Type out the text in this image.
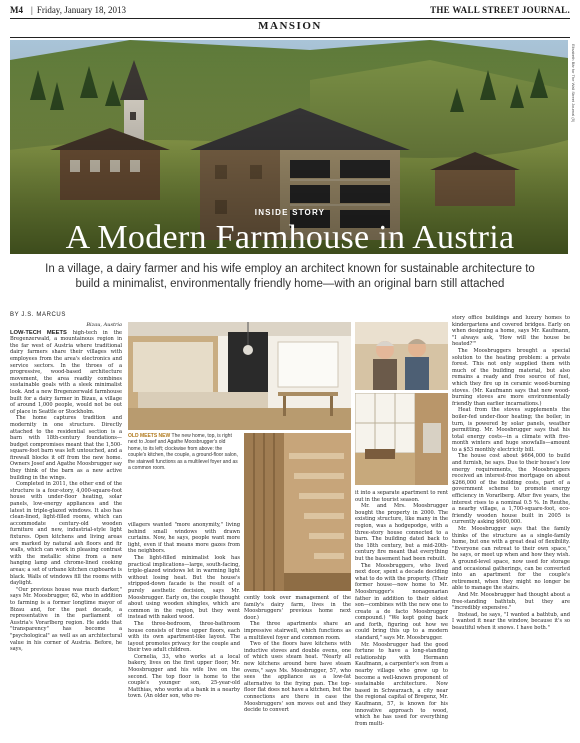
M4 | Friday, January 18, 2013	THE WALL STREET JOURNAL.
MANSION
Elisabeth Bär for The Wall Street Journal (5)
INSIDE STORY
A Modern Farmhouse in Austria
In a village, a dairy farmer and his wife employ an architect known for sustainable architecture to build a minimalist, environmentally friendly home—with an original barn still attached
BY J.S. MARCUS
Bizau, Austria

LOW-TECH MEETS high-tech in the Bregenzerwald, a mountainous region in the far west of Austria where traditional dairy farmers share their villages with employees from the area's electronics and service sectors. In the throes of a progressive, wood-based architecture movement, the area readily combines sustainable goals with a sleek minimalist look. And a new Bregenzerwald farmhouse built for a dairy farmer in Bizau, a village of around 1,000 people, would not be out of place in Seattle or Stockholm.

The home captures tradition and modernity in one structure. Directly attached to the residential section is a barn with 18th-century foundations—budget compromises meant that the 1,500-square-foot barn was left untouched, and a firewall blocks it off from the new home. Owners Josef and Agathe Moosbrugger say they think of the barn as a new active building in the wings.

Completed in 2011, the other end of the structure is a four-story, 4,000-square-foot house with under-floor heating, solar panels, low-energy appliances and the latest in triple-glazed windows. It also has clean-lined, light-filled rooms, which can accommodate century-old wooden furniture and new, industrial-style light fixtures. Open kitchens and living areas are marked by natural ash floors and fir walls, which can work in pleasing contrast with the metallic shine from a new hanging lamp and chrome-lined cooking areas; a set of urbane kitchen cupboards is black. Walls of windows fill the rooms with daylight.

"Our previous house was much darker," says Mr. Moosbrugger, 62, who in addition to farming is a former longtime mayor of Bizau and, for the past decade, a representative in the parliament of Austria's Vorarlberg region. He adds that "transparency" has become a "psychological" as well as an architectural value in his corner of Austria. Before, he says,

OLD MEETS NEW The new home, top, is right next to Josef and Agathe Moosbrugger's old home, to its left; clockwise from above: the couple's kitchen, the couple, a ground-floor salon, the stairwell functions as a multilevel foyer and as a common room.

villagers wanted "more anonymity," living behind small windows with drawn curtains. Now, he says, people want more light, even if that means more gazes from the neighbors.

The light-filled minimalist look has practical implications—large, south-facing, triple-glazed windows let in warming light without losing heat. But the house's stripped-down facade is the result of a purely aesthetic decision, says Mr. Moosbrugger. Early on, the couple thought about using wooden shingles, which are common in the region, but they went instead with naked wood.

The three-bedroom, three-bathroom house consists of three upper floors, each with its own apartment-like layout. The layout promotes privacy for the couple and their two adult children.

Cornelia, 33, who works at a local bakery, lives on the first upper floor; Mr. Moosbrugger and his wife live on the second. The top floor is home to the couple's younger son, 25-year-old Matthias, who works at a bank in a nearby town. (An older son, who re-

cently took over management of the family's dairy farm, lives in the Moosbruggers' previous home next door.)

The three apartments share an impressive stairwell, which functions as a multilevel foyer and common room.

Two of the floors have kitchens with inductive stoves and double ovens, one of which uses steam heat. "Nearly all new kitchens around here have steam ovens," says Ms. Moosbrugger, 57, who sees the appliance as a low-fat alternative to the frying pan. The top-floor flat does not have a kitchen, but the connections are there in case the Moosbruggers' son moves out and they decide to convert

it into a separate apartment to rent out in the tourist season.

Mr. and Mrs. Moosbrugger bought the property in 2000. The existing structure, like many in the region, was a hodgepodge, with a three-story house connected to a barn. The building dated back to the 18th century, but a mid-20th-century fire meant that everything but the basement had been rebuilt.

The Moosbruggers, who lived next door, spent a decade deciding what to do with the property. (Their former house—now home to Mr. Moosbrugger's nonagenarian father in addition to their oldest son—combines with the new one to create a de facto Moosbrugger compound.) "We kept going back and forth, figuring out how we could bring this up to a modern standard," says Mr. Moosbrugger.

Mr. Moosbrugger had the good fortune to have a long-standing relationship with Hermann Kaufmann, a carpenter's son from a nearby village who grew up to become a well-known proponent of sustainable architecture. Now based in Schwarzach, a city near the regional capital of Bregenz, Mr. Kaufmann, 57, is known for his innovative approach to wood, which he has used for everything from multi-

story office buildings and luxury homes to kindergartens and covered bridges. Early on when designing a home, says Mr. Kaufmann, "I always ask, 'How will the house be heated?'"

The Moosbruggers brought a special solution to the heating problem: a private forest. This not only supplied them with much of the building material, but also remains a ready and free source of fuel, which they fire up in ceramic wood-burning stoves. (Mr. Kaufmann says that new wood-burning stoves are more environmentally friendly than earlier incarnations.)

Heat from the stoves supplements the boiler-fed under-floor heating; the boiler, in turn, is powered by solar panels, weather permitting. Mr. Moosbrugger says that his total energy costs—in a climate with five-month winters and huge snowfalls—amount to a $53 monthly electricity bill.

The house cost about $664,000 to build and furnish, he says. Due to their house's low energy requirements, the Moosbruggers received an interest-free mortgage on about $266,000 of the building costs, part of a government scheme to promote energy efficiency in Vorarlberg. After five years, the interest rises to a nominal 0.5 %. In Reuthe, a nearby village, a 1,700-square-foot, eco-friendly wooden house built in 2005 is currently asking $600,000.

Mr. Moosbrugger says that the family thinks of the structure as a single-family home, but one with a great deal of flexibility. "Everyone can retreat to their own space," he says, or meet up when and how they wish. A ground-level space, now used for storage and occasional gatherings, can be converted into an apartment for the couple's retirement, when they might no longer be able to manage the stairs.

And Mr. Moosbrugger had thought about a free-standing bathtub, but they are "incredibly expensive."

Instead, he says, "I wanted a bathtub, and I wanted it near the window, because it's so beautiful when it snows. I have both."
